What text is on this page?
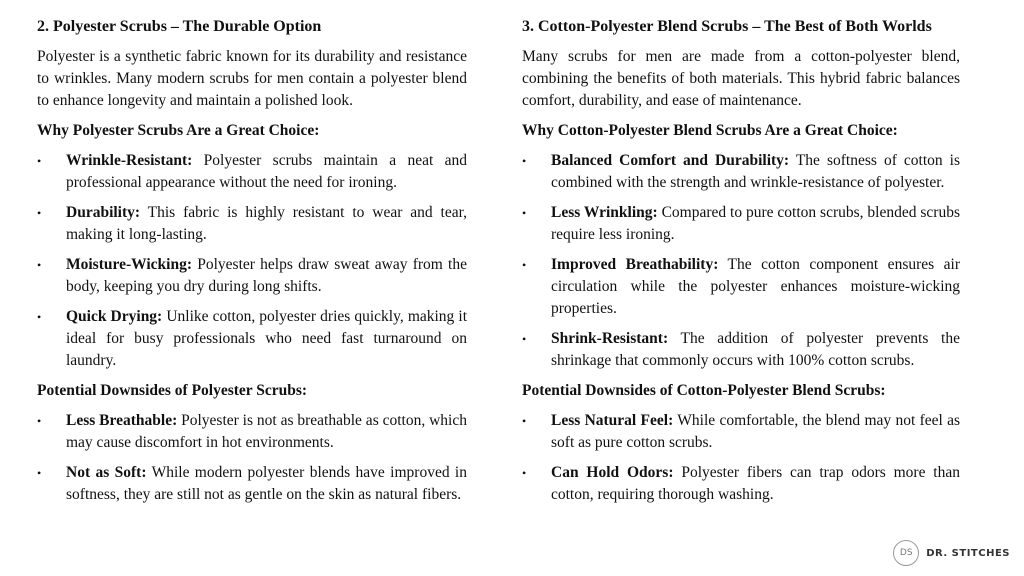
2. Polyester Scrubs – The Durable Option

Polyester is a synthetic fabric known for its durability and resistance to wrinkles. Many modern scrubs for men contain a polyester blend to enhance longevity and maintain a polished look.

Why Polyester Scrubs Are a Great Choice:
• Wrinkle-Resistant: Polyester scrubs maintain a neat and professional appearance without the need for ironing.
• Durability: This fabric is highly resistant to wear and tear, making it long-lasting.
• Moisture-Wicking: Polyester helps draw sweat away from the body, keeping you dry during long shifts.
• Quick Drying: Unlike cotton, polyester dries quickly, making it ideal for busy professionals who need fast turnaround on laundry.
Potential Downsides of Polyester Scrubs:
• Less Breathable: Polyester is not as breathable as cotton, which may cause discomfort in hot environments.
• Not as Soft: While modern polyester blends have improved in softness, they are still not as gentle on the skin as natural fibers.
3. Cotton-Polyester Blend Scrubs – The Best of Both Worlds

Many scrubs for men are made from a cotton-polyester blend, combining the benefits of both materials. This hybrid fabric balances comfort, durability, and ease of maintenance.

Why Cotton-Polyester Blend Scrubs Are a Great Choice:
• Balanced Comfort and Durability: The softness of cotton is combined with the strength and wrinkle-resistance of polyester.
• Less Wrinkling: Compared to pure cotton scrubs, blended scrubs require less ironing.
• Improved Breathability: The cotton component ensures air circulation while the polyester enhances moisture-wicking properties.
• Shrink-Resistant: The addition of polyester prevents the shrinkage that commonly occurs with 100% cotton scrubs.
Potential Downsides of Cotton-Polyester Blend Scrubs:
• Less Natural Feel: While comfortable, the blend may not feel as soft as pure cotton scrubs.
• Can Hold Odors: Polyester fibers can trap odors more than cotton, requiring thorough washing.
DS	DR. STITCHES
